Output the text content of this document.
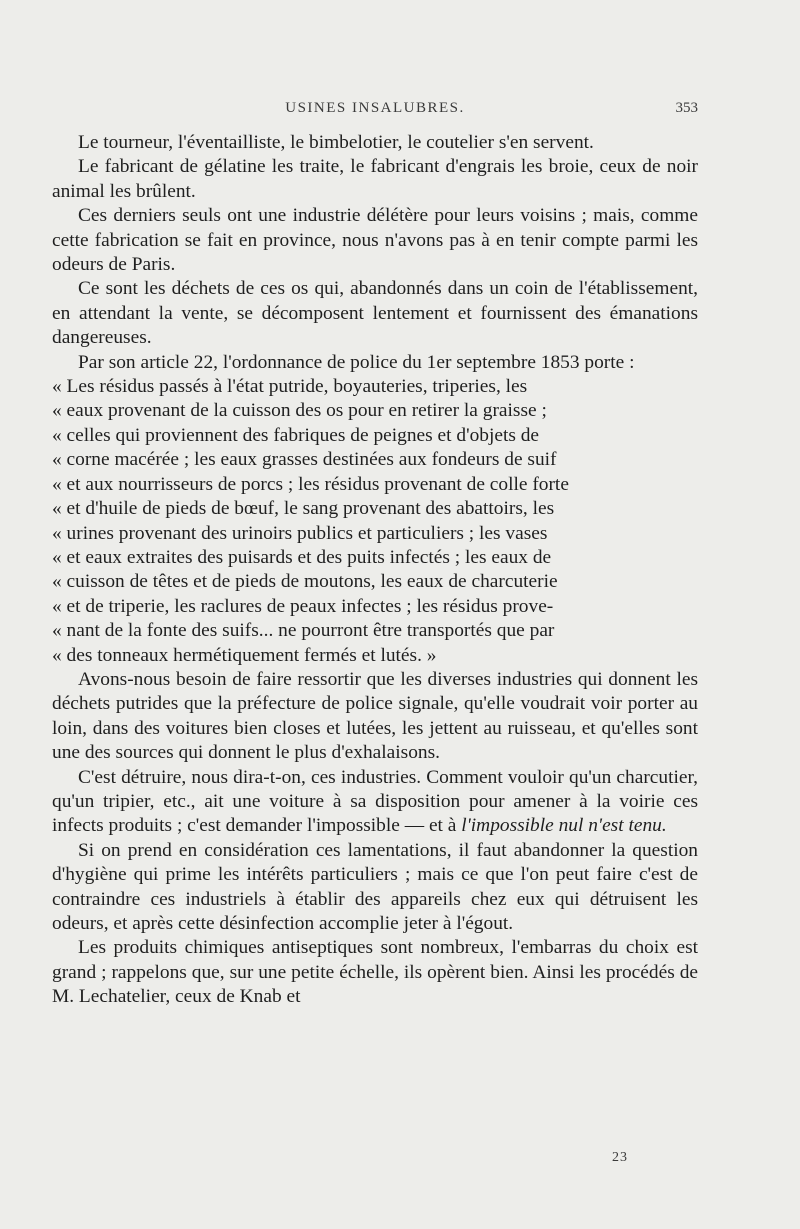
USINES INSALUBRES.	353

Le tourneur, l'éventailliste, le bimbelotier, le coutelier s'en servent.

Le fabricant de gélatine les traite, le fabricant d'engrais les broie, ceux de noir animal les brûlent.

Ces derniers seuls ont une industrie délétère pour leurs voisins ; mais, comme cette fabrication se fait en province, nous n'avons pas à en tenir compte parmi les odeurs de Paris.

Ce sont les déchets de ces os qui, abandonnés dans un coin de l'établissement, en attendant la vente, se décomposent lentement et fournissent des émanations dangereuses.

Par son article 22, l'ordonnance de police du 1er septembre 1853 porte :

« Les résidus passés à l'état putride, boyauteries, triperies, les
« eaux provenant de la cuisson des os pour en retirer la graisse ;
« celles qui proviennent des fabriques de peignes et d'objets de
« corne macérée ; les eaux grasses destinées aux fondeurs de suif
« et aux nourrisseurs de porcs ; les résidus provenant de colle forte
« et d'huile de pieds de bœuf, le sang provenant des abattoirs, les
« urines provenant des urinoirs publics et particuliers ; les vases
« et eaux extraites des puisards et des puits infectés ; les eaux de
« cuisson de têtes et de pieds de moutons, les eaux de charcuterie
« et de triperie, les raclures de peaux infectes ; les résidus prove-
« nant de la fonte des suifs... ne pourront être transportés que par
« des tonneaux hermétiquement fermés et lutés. »

Avons-nous besoin de faire ressortir que les diverses industries qui donnent les déchets putrides que la préfecture de police signale, qu'elle voudrait voir porter au loin, dans des voitures bien closes et lutées, les jettent au ruisseau, et qu'elles sont une des sources qui donnent le plus d'exhalaisons.

C'est détruire, nous dira-t-on, ces industries. Comment vouloir qu'un charcutier, qu'un tripier, etc., ait une voiture à sa disposition pour amener à la voirie ces infects produits ; c'est demander l'impossible — et à l'impossible nul n'est tenu.

Si on prend en considération ces lamentations, il faut abandonner la question d'hygiène qui prime les intérêts particuliers ; mais ce que l'on peut faire c'est de contraindre ces industriels à établir des appareils chez eux qui détruisent les odeurs, et après cette désinfection accomplie jeter à l'égout.

Les produits chimiques antiseptiques sont nombreux, l'embarras du choix est grand ; rappelons que, sur une petite échelle, ils opèrent bien. Ainsi les procédés de M. Lechatelier, ceux de Knab et

23
